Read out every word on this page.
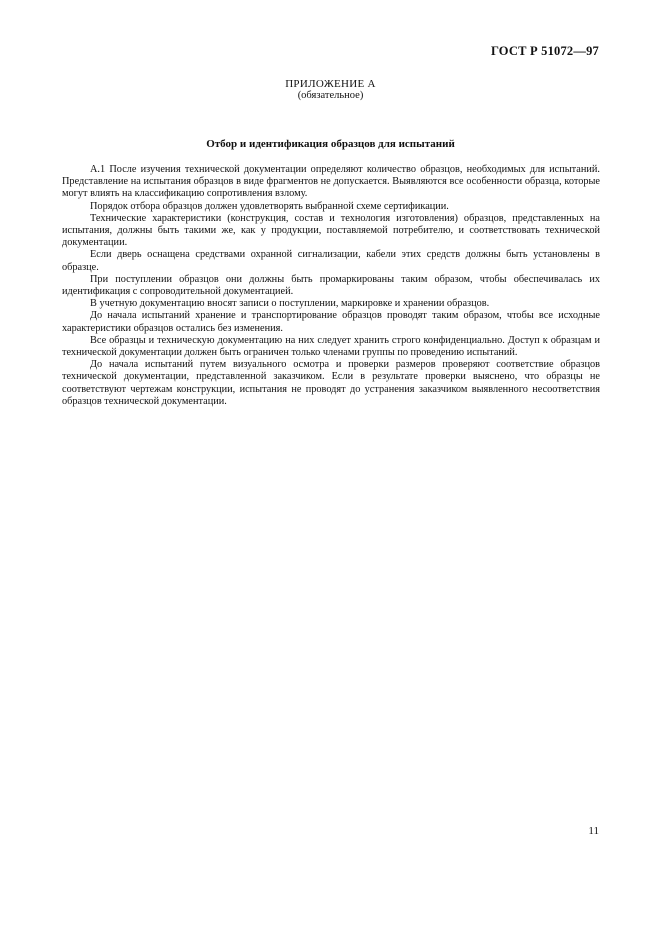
ГОСТ Р 51072—97
ПРИЛОЖЕНИЕ А
(обязательное)
Отбор и идентификация образцов для испытаний

А.1 После изучения технической документации определяют количество образцов, необходимых для испытаний. Представление на испытания образцов в виде фрагментов не допускается. Выявляются все особенности образца, которые могут влиять на классификацию сопротивления взлому.

Порядок отбора образцов должен удовлетворять выбранной схеме сертификации.

Технические характеристики (конструкция, состав и технология изготовления) образцов, представленных на испытания, должны быть такими же, как у продукции, поставляемой потребителю, и соответствовать технической документации.

Если дверь оснащена средствами охранной сигнализации, кабели этих средств должны быть установлены в образце.

При поступлении образцов они должны быть промаркированы таким образом, чтобы обеспечивалась их идентификация с сопроводительной документацией.

В учетную документацию вносят записи о поступлении, маркировке и хранении образцов.

До начала испытаний хранение и транспортирование образцов проводят таким образом, чтобы все исходные характеристики образцов остались без изменения.

Все образцы и техническую документацию на них следует хранить строго конфиденциально. Доступ к образцам и технической документации должен быть ограничен только членами группы по проведению испытаний.

До начала испытаний путем визуального осмотра и проверки размеров проверяют соответствие образцов технической документации, представленной заказчиком. Если в результате проверки выяснено, что образцы не соответствуют чертежам конструкции, испытания не проводят до устранения заказчиком выявленного несоответствия образцов технической документации.

11
